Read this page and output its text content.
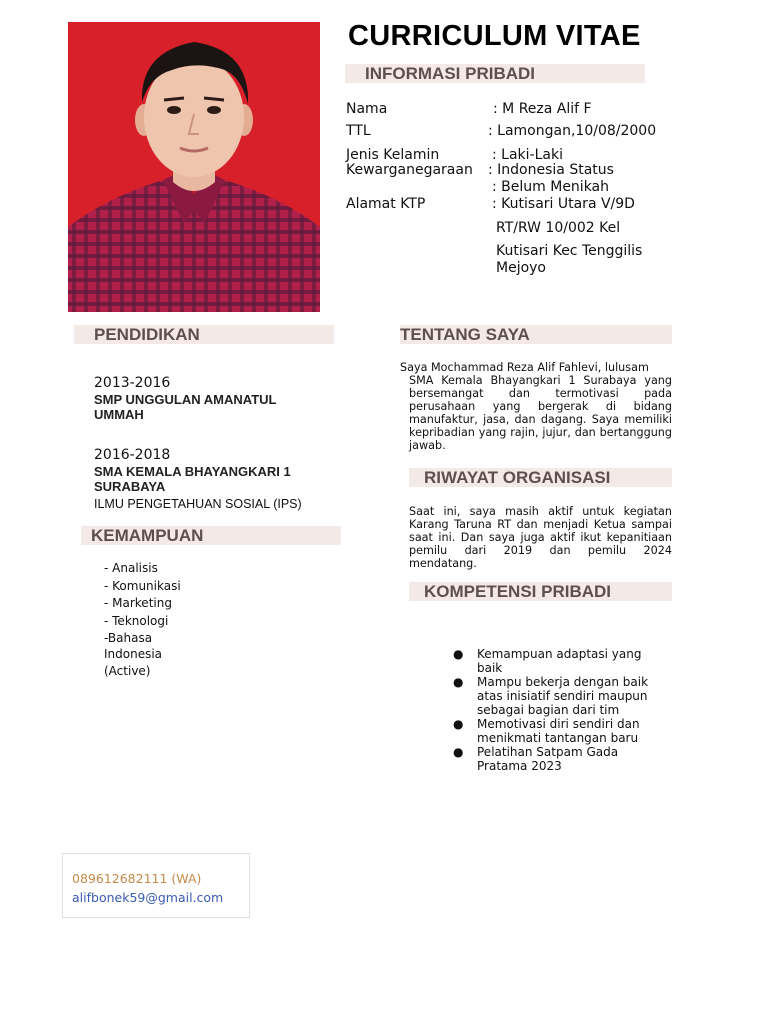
CURRICULUM VITAE
INFORMASI PRIBADI
Nama	: M Reza Alif F
TTL	: Lamongan,10/08/2000
Jenis Kelamin	: Laki-Laki
Kewarganegaraan : Indonesia Status
: Belum Menikah
Alamat KTP	: Kutisari Utara V/9D
RT/RW 10/002 Kel
Kutisari Kec Tenggilis
Mejoyo
PENDIDIKAN
2013-2016
SMP UNGGULAN AMANATUL
UMMAH
2016-2018
SMA KEMALA BHAYANGKARI 1
SURABAYA
ILMU PENGETAHUAN SOSIAL (IPS)
KEMAMPUAN
- Analisis
- Komunikasi
- Marketing
- Teknologi
-Bahasa
Indonesia
(Active)
TENTANG SAYA
Saya Mochammad Reza Alif Fahlevi, lulusam
SMA Kemala Bhayangkari 1 Surabaya yang bersemangat dan termotivasi pada perusahaan yang bergerak di bidang manufaktur, jasa, dan dagang. Saya memiliki kepribadian yang rajin, jujur, dan bertanggung jawab.
RIWAYAT ORGANISASI
Saat ini, saya masih aktif untuk kegiatan Karang Taruna RT dan menjadi Ketua sampai saat ini. Dan saya juga aktif ikut kepanitiaan pemilu dari 2019 dan pemilu 2024 mendatang.
KOMPETENSI PRIBADI
● Kemampuan adaptasi yang baik
● Mampu bekerja dengan baik atas inisiatif sendiri maupun sebagai bagian dari tim
● Memotivasi diri sendiri dan menikmati tantangan baru
● Pelatihan Satpam Gada Pratama 2023
089612682111 (WA)
alifbonek59@gmail.com
